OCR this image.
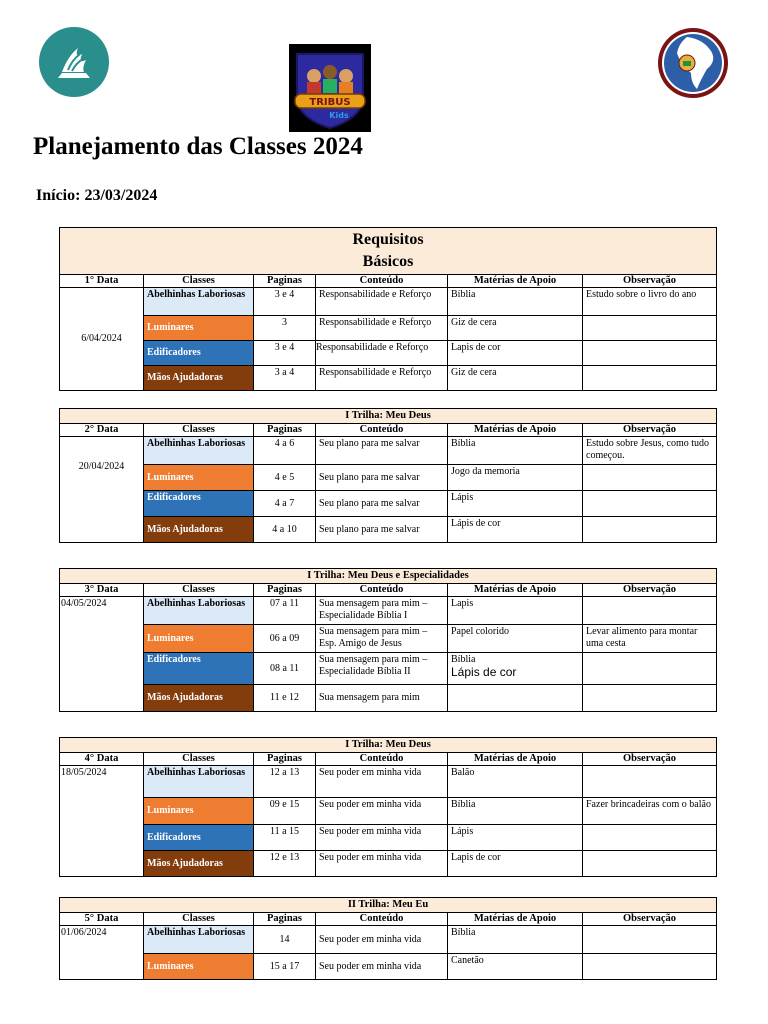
TRIBUS
Kids
Planejamento das Classes 2024

Início: 23/03/2024

Requisitos
Básicos					

1° Data	Classes	Paginas	Conteúdo	Matérias de Apoio	Observação
6/04/2024	Abelhinhas Laboriosas	3 e 4	Responsabilidade e Reforço	Bíblia	Estudo sobre o livro do ano
	Luminares	3	Responsabilidade e Reforço	Giz de cera	
	Edificadores	3 e 4	Responsabilidade e Reforço	Lapis de cor	
	Mãos Ajudadoras	3 a 4	Responsabilidade e Reforço	Giz de cera	
I Trilha: Meu Deus					
2° Data	Classes	Paginas	Conteúdo	Matérias de Apoio	Observação
20/04/2024	Abelhinhas Laboriosas	4 a 6	Seu plano para me salvar	Bíblia	Estudo sobre Jesus, como tudo começou.
	Luminares	4 e 5	Seu plano para me salvar	Jogo da memoria	
	Edificadores	4 a 7	Seu plano para me salvar	Lápis	
	Mãos Ajudadoras	4 a 10	Seu plano para me salvar	Lápis de cor	
I Trilha: Meu Deus e Especialidades					
3° Data	Classes	Paginas	Conteúdo	Matérias de Apoio	Observação
04/05/2024	Abelhinhas Laboriosas	07 a 11	Sua mensagem para mim – Especialidade Bíblia I	Lapis	
	Luminares	06 a 09	Sua mensagem para mim – Esp. Amigo de Jesus	Papel colorido	Levar alimento para montar uma cesta
	Edificadores	08 a 11	Sua mensagem para mim – Especialidade Bíblia II	Bíblia
Lápis de cor	

	Mãos Ajudadoras	11 e 12	Sua mensagem para mim		
I Trilha: Meu Deus					
4° Data	Classes	Paginas	Conteúdo	Matérias de Apoio	Observação
18/05/2024	Abelhinhas Laboriosas	12 a 13	Seu poder em minha vida	Balão	
	Luminares	09 e 15	Seu poder em minha vida	Bíblia	Fazer brincadeiras com o balão
	Edificadores	11 a 15	Seu poder em minha vida	Lápis	
	Mãos Ajudadoras	12 e 13	Seu poder em minha vida	Lapis de cor	
II Trilha: Meu Eu					
5° Data	Classes	Paginas	Conteúdo	Matérias de Apoio	Observação
01/06/2024	Abelhinhas Laboriosas	14	Seu poder em minha vida	Bíblia	
	Luminares	15 a 17	Seu poder em minha vida	Canetão	
